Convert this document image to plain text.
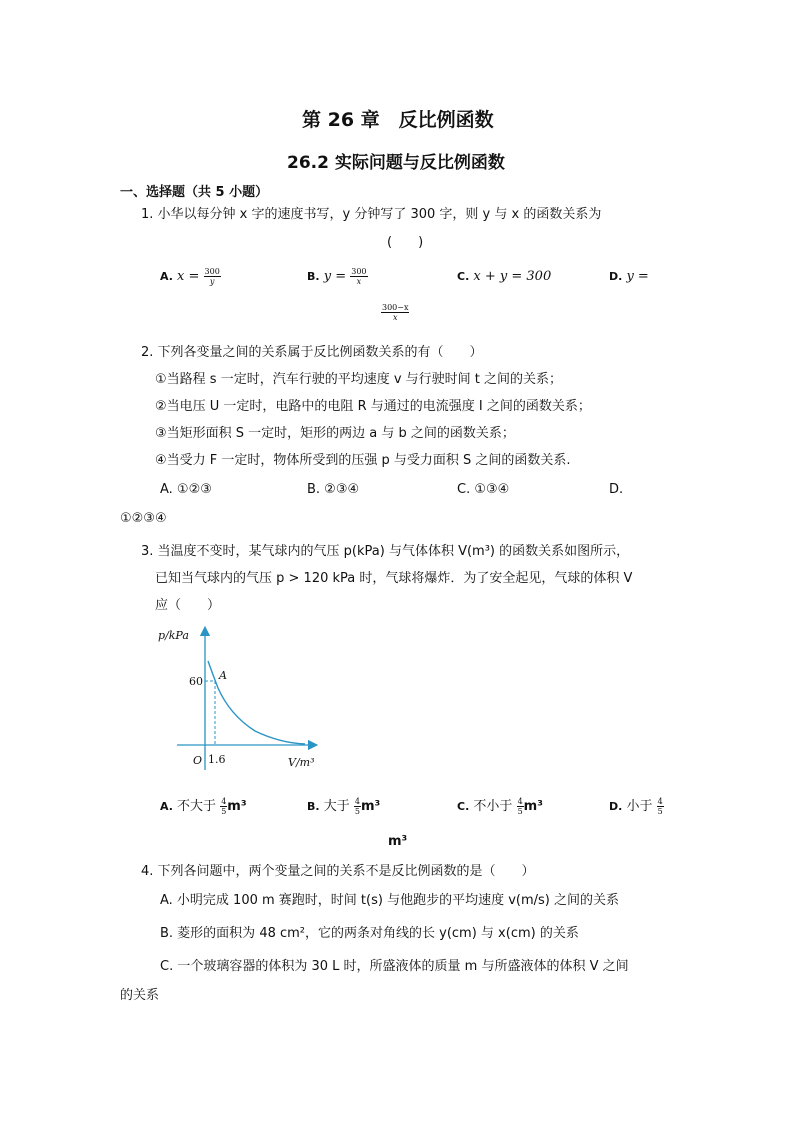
第 26 章　反比例函数
26.2 实际问题与反比例函数
一、选择题（共 5 小题）
1. 小华以每分钟 x 字的速度书写，y 分钟写了 300 字，则 y 与 x 的函数关系为
(　　)
A. $x = \frac{300}{y}$	B. $y = \frac{300}{x}$	C. x + y = 300	D. y =
$\frac{300-x}{x}$
2. 下列各变量之间的关系属于反比例函数关系的有（　　）
①当路程 s 一定时，汽车行驶的平均速度 v 与行驶时间 t 之间的关系；
②当电压 U 一定时，电路中的电阻 R 与通过的电流强度 I 之间的函数关系；
③当矩形面积 S 一定时，矩形的两边 a 与 b 之间的函数关系；
④当受力 F 一定时，物体所受到的压强 p 与受力面积 S 之间的函数关系.
A. ①②③	B. ②③④	C. ①③④	D.
①②③④
3. 当温度不变时，某气球内的气压 p(kPa) 与气体体积 V(m³) 的函数关系如图所示，
已知当气球内的气压 p > 120 kPa 时，气球将爆炸．为了安全起见，气球的体积 V
应（　　）
p/kPa
V/m³
O
A
60
1.6
A. 不大于 $\frac{4}{5} m^3$	B. 大于 $\frac{4}{5} m^3$	C. 不小于 $\frac{4}{5} m^3$	D. 小于 $\frac{4}{5}$
m³
4. 下列各问题中，两个变量之间的关系不是反比例函数的是（　　）
A. 小明完成 100 m 赛跑时，时间 t(s) 与他跑步的平均速度 v(m/s) 之间的关系
B. 菱形的面积为 48 cm²，它的两条对角线的长 y(cm) 与 x(cm) 的关系
C. 一个玻璃容器的体积为 30 L 时，所盛液体的质量 m 与所盛液体的体积 V 之间
的关系
